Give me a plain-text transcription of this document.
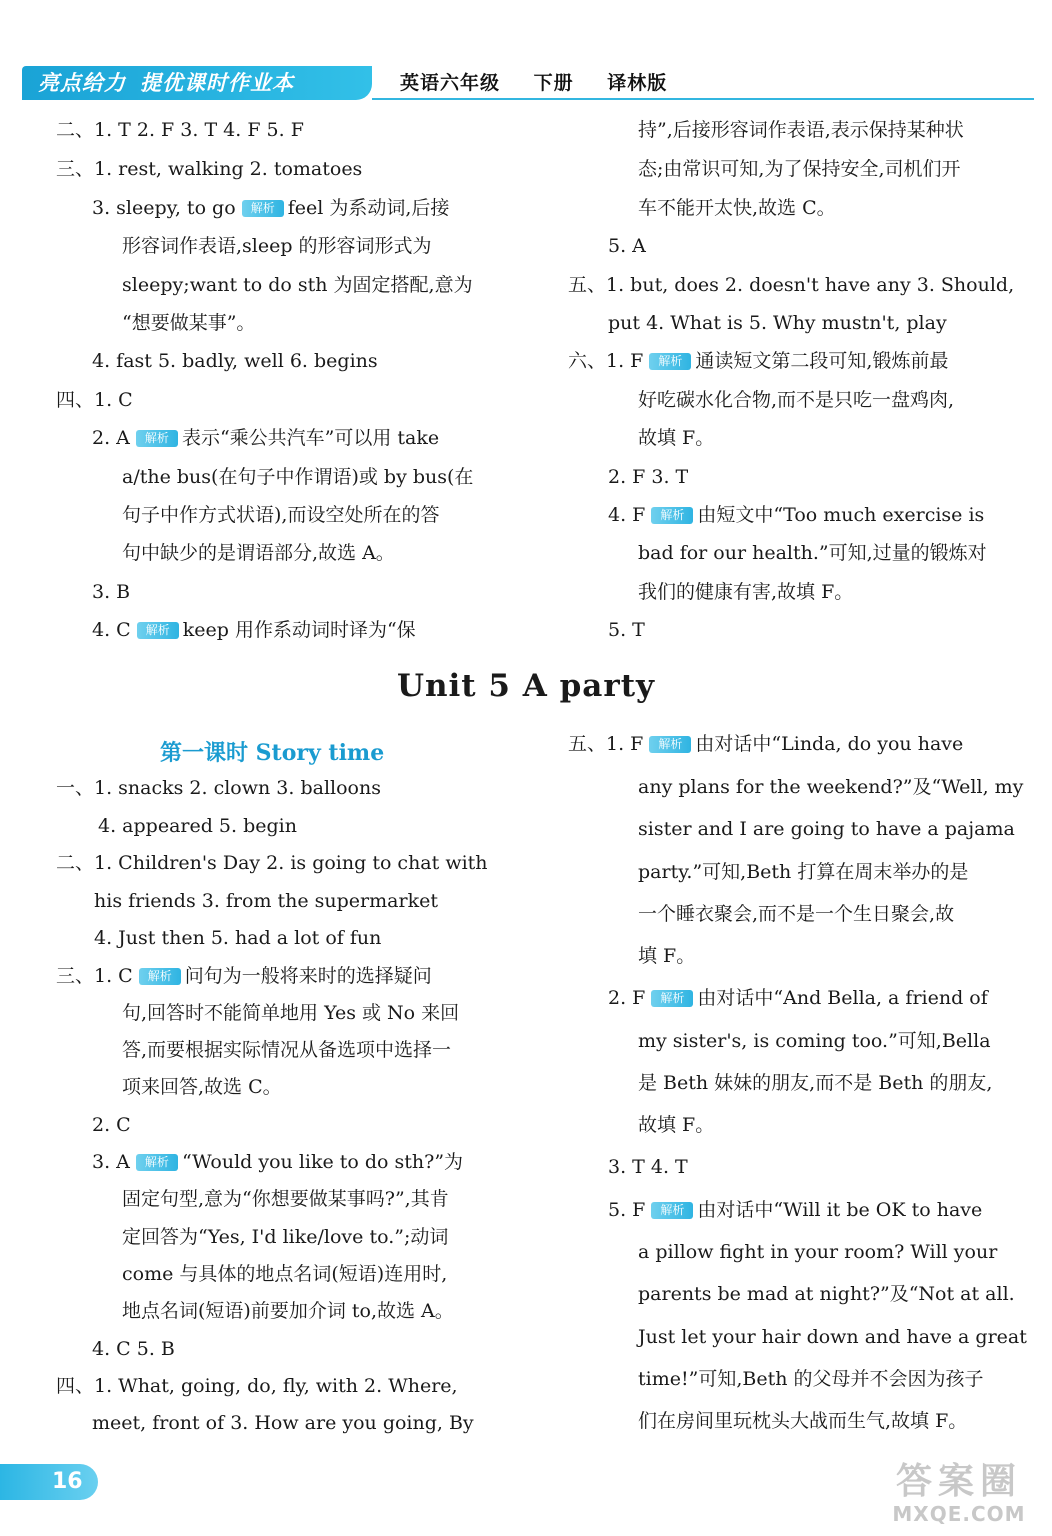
亮点给力 提优课时作业本	英语六年级 下册 译林版
二、1. T 2. F 3. T 4. F 5. F
三、1. rest, walking 2. tomatoes
3. sleepy, to go 解析 feel 为系动词,后接
形容词作表语,sleep 的形容词形式为
sleepy;want to do sth 为固定搭配,意为
“想要做某事”。
4. fast 5. badly, well 6. begins
四、1. C
2. A 解析 表示“乘公共汽车”可以用 take
a/the bus(在句子中作谓语)或 by bus(在
句子中作方式状语),而设空处所在的答
句中缺少的是谓语部分,故选 A。
3. B
4. C 解析 keep 用作系动词时译为“保
持”,后接形容词作表语,表示保持某种状
态;由常识可知,为了保持安全,司机们开
车不能开太快,故选 C。
5. A
五、1. but, does 2. doesn't have any 3. Should,
put 4. What is 5. Why mustn't, play
六、1. F 解析 通读短文第二段可知,锻炼前最
好吃碳水化合物,而不是只吃一盘鸡肉,
故填 F。
2. F 3. T
4. F 解析 由短文中“Too much exercise is
bad for our health.”可知,过量的锻炼对
我们的健康有害,故填 F。
5. T
Unit 5 A party
第一课时 Story time
一、1. snacks 2. clown 3. balloons
4. appeared 5. begin
二、1. Children's Day 2. is going to chat with
his friends 3. from the supermarket
4. Just then 5. had a lot of fun
三、1. C 解析 问句为一般将来时的选择疑问
句,回答时不能简单地用 Yes 或 No 来回
答,而要根据实际情况从备选项中选择一
项来回答,故选 C。
2. C
3. A 解析 “Would you like to do sth?”为
固定句型,意为“你想要做某事吗?”,其肯
定回答为“Yes, I'd like/love to.”;动词
come 与具体的地点名词(短语)连用时,
地点名词(短语)前要加介词 to,故选 A。
4. C 5. B
四、1. What, going, do, fly, with 2. Where,
meet, front of 3. How are you going, By
五、1. F 解析 由对话中“Linda, do you have
any plans for the weekend?”及“Well, my
sister and I are going to have a pajama
party.”可知,Beth 打算在周末举办的是
一个睡衣聚会,而不是一个生日聚会,故
填 F。
2. F 解析 由对话中“And Bella, a friend of
my sister's, is coming too.”可知,Bella
是 Beth 妹妹的朋友,而不是 Beth 的朋友,
故填 F。
3. T 4. T
5. F 解析 由对话中“Will it be OK to have
a pillow fight in your room? Will your
parents be mad at night?”及“Not at all.
Just let your hair down and have a great
time!”可知,Beth 的父母并不会因为孩子
们在房间里玩枕头大战而生气,故填 F。
16	答案圈
MXQE.COM
